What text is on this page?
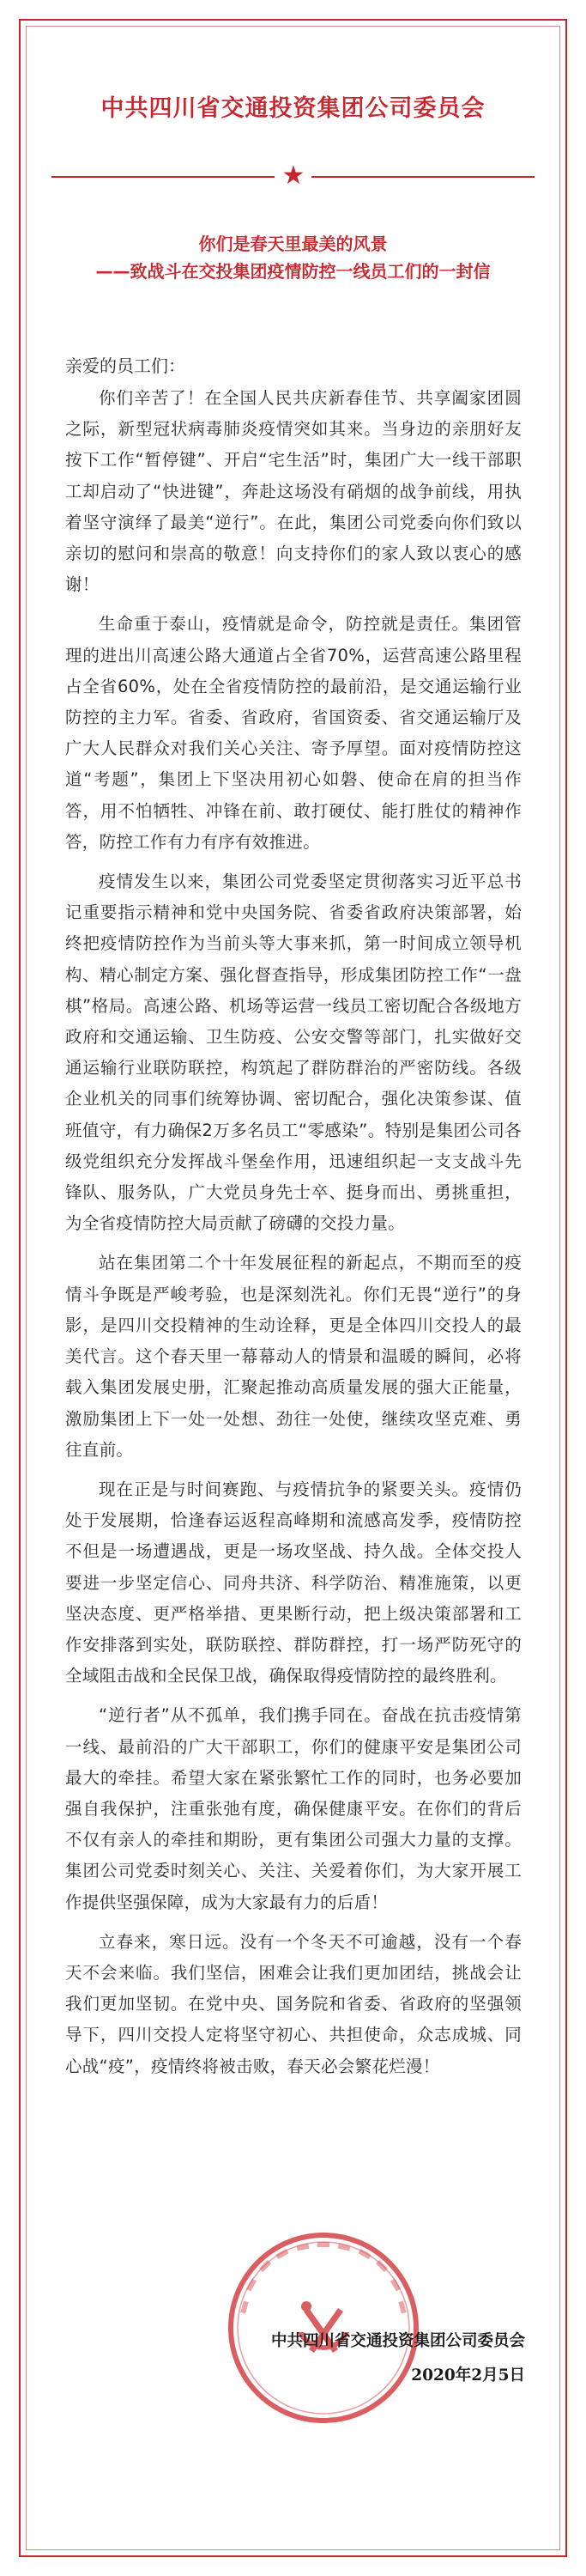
中共四川省交通投资集团公司委员会
★
你们是春天里最美的风景
——致战斗在交投集团疫情防控一线员工们的一封信

亲爱的员工们：

你们辛苦了！在全国人民共庆新春佳节、共享阖家团圆之际，新型冠状病毒肺炎疫情突如其来。当身边的亲朋好友按下工作“暂停键”、开启“宅生活”时，集团广大一线干部职工却启动了“快进键”，奔赴这场没有硝烟的战争前线，用执着坚守演绎了最美“逆行”。在此，集团公司党委向你们致以亲切的慰问和崇高的敬意！向支持你们的家人致以衷心的感谢！

生命重于泰山，疫情就是命令，防控就是责任。集团管理的进出川高速公路大通道占全省70%，运营高速公路里程占全省60%，处在全省疫情防控的最前沿，是交通运输行业防控的主力军。省委、省政府，省国资委、省交通运输厅及广大人民群众对我们关心关注、寄予厚望。面对疫情防控这道“考题”，集团上下坚决用初心如磐、使命在肩的担当作答，用不怕牺牲、冲锋在前、敢打硬仗、能打胜仗的精神作答，防控工作有力有序有效推进。

疫情发生以来，集团公司党委坚定贯彻落实习近平总书记重要指示精神和党中央国务院、省委省政府决策部署，始终把疫情防控作为当前头等大事来抓，第一时间成立领导机构、精心制定方案、强化督查指导，形成集团防控工作“一盘棋”格局。高速公路、机场等运营一线员工密切配合各级地方政府和交通运输、卫生防疫、公安交警等部门，扎实做好交通运输行业联防联控，构筑起了群防群治的严密防线。各级企业机关的同事们统筹协调、密切配合，强化决策参谋、值班值守，有力确保2万多名员工“零感染”。特别是集团公司各级党组织充分发挥战斗堡垒作用，迅速组织起一支支战斗先锋队、服务队，广大党员身先士卒、挺身而出、勇挑重担，为全省疫情防控大局贡献了磅礴的交投力量。

站在集团第二个十年发展征程的新起点，不期而至的疫情斗争既是严峻考验，也是深刻洗礼。你们无畏“逆行”的身影，是四川交投精神的生动诠释，更是全体四川交投人的最美代言。这个春天里一幕幕动人的情景和温暖的瞬间，必将载入集团发展史册，汇聚起推动高质量发展的强大正能量，激励集团上下一处一处想、劲往一处使，继续攻坚克难、勇往直前。

现在正是与时间赛跑、与疫情抗争的紧要关头。疫情仍处于发展期，恰逢春运返程高峰期和流感高发季，疫情防控不但是一场遭遇战，更是一场攻坚战、持久战。全体交投人要进一步坚定信心、同舟共济、科学防治、精准施策，以更坚决态度、更严格举措、更果断行动，把上级决策部署和工作安排落到实处，联防联控、群防群控，打一场严防死守的全域阻击战和全民保卫战，确保取得疫情防控的最终胜利。

“逆行者”从不孤单，我们携手同在。奋战在抗击疫情第一线、最前沿的广大干部职工，你们的健康平安是集团公司最大的牵挂。希望大家在紧张繁忙工作的同时，也务必要加强自我保护，注重张弛有度，确保健康平安。在你们的背后不仅有亲人的牵挂和期盼，更有集团公司强大力量的支撑。集团公司党委时刻关心、关注、关爱着你们，为大家开展工作提供坚强保障，成为大家最有力的后盾！

立春来，寒日远。没有一个冬天不可逾越，没有一个春天不会来临。我们坚信，困难会让我们更加团结，挑战会让我们更加坚韧。在党中央、国务院和省委、省政府的坚强领导下，四川交投人定将坚守初心、共担使命，众志成城、同心战“疫”，疫情终将被击败，春天必会繁花烂漫！

中共四川省交通投资集团公司委员会
2020年2月5日
